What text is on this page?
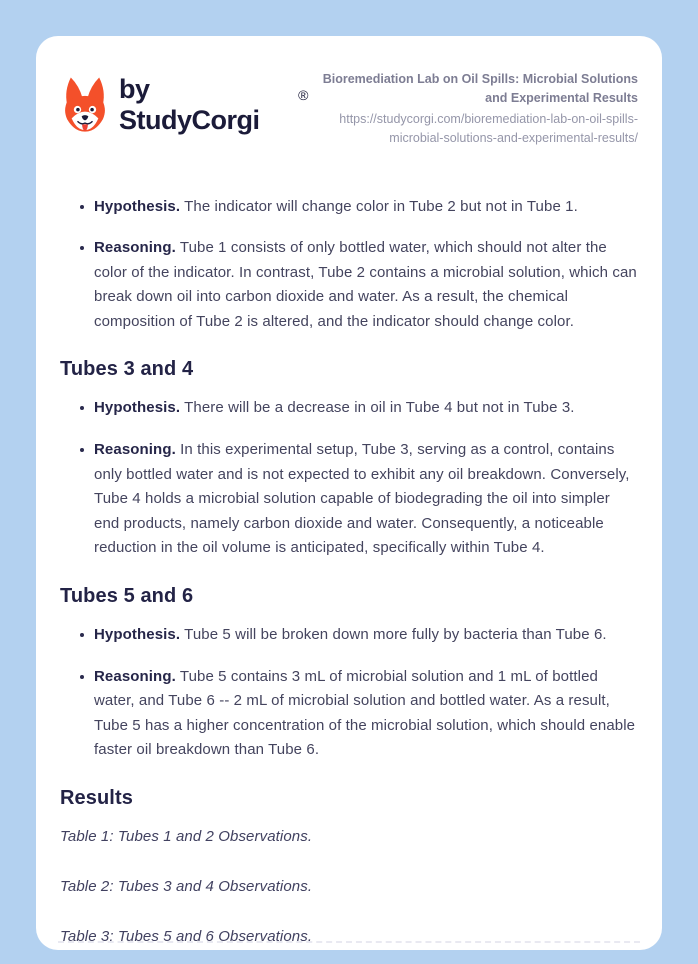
by StudyCorgi
®
Bioremediation Lab on Oil Spills: Microbial Solutions and Experimental Results
https://studycorgi.com/bioremediation-lab-on-oil-spills-microbial-solutions-and-experimental-results/
Hypothesis. The indicator will change color in Tube 2 but not in Tube 1.
Reasoning. Tube 1 consists of only bottled water, which should not alter the color of the indicator. In contrast, Tube 2 contains a microbial solution, which can break down oil into carbon dioxide and water. As a result, the chemical composition of Tube 2 is altered, and the indicator should change color.
Tubes 3 and 4
Hypothesis. There will be a decrease in oil in Tube 4 but not in Tube 3.
Reasoning. In this experimental setup, Tube 3, serving as a control, contains only bottled water and is not expected to exhibit any oil breakdown. Conversely, Tube 4 holds a microbial solution capable of biodegrading the oil into simpler end products, namely carbon dioxide and water. Consequently, a noticeable reduction in the oil volume is anticipated, specifically within Tube 4.
Tubes 5 and 6
Hypothesis. Tube 5 will be broken down more fully by bacteria than Tube 6.
Reasoning. Tube 5 contains 3 mL of microbial solution and 1 mL of bottled water, and Tube 6 -- 2 mL of microbial solution and bottled water. As a result, Tube 5 has a higher concentration of the microbial solution, which should enable faster oil breakdown than Tube 6.
Results

Table 1: Tubes 1 and 2 Observations.

Table 2: Tubes 3 and 4 Observations.

Table 3: Tubes 5 and 6 Observations.
